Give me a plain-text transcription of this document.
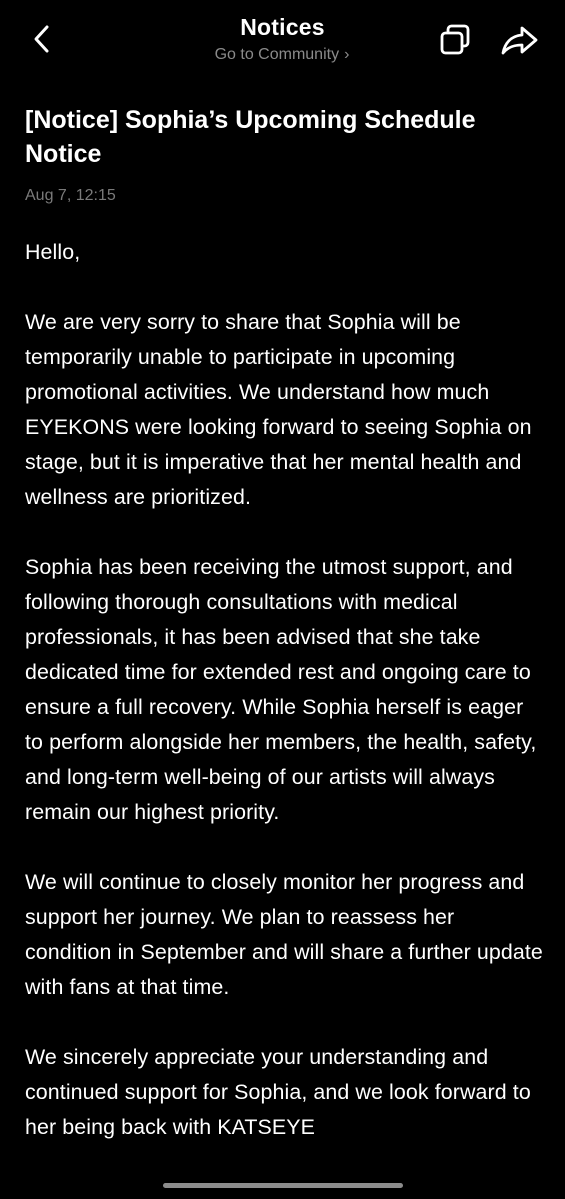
Notices
Go to Community ›
[Notice] Sophia’s Upcoming Schedule Notice
Aug 7, 12:15

Hello,

We are very sorry to share that Sophia will be temporarily unable to participate in upcoming promotional activities. We understand how much EYEKONS were looking forward to seeing Sophia on stage, but it is imperative that her mental health and wellness are prioritized.

Sophia has been receiving the utmost support, and following thorough consultations with medical professionals, it has been advised that she take dedicated time for extended rest and ongoing care to ensure a full recovery. While Sophia herself is eager to perform alongside her members, the health, safety, and long-term well-being of our artists will always remain our highest priority.

We will continue to closely monitor her progress and support her journey. We plan to reassess her condition in September and will share a further update with fans at that time.

We sincerely appreciate your understanding and continued support for Sophia, and we look forward to her being back with KATSEYE
